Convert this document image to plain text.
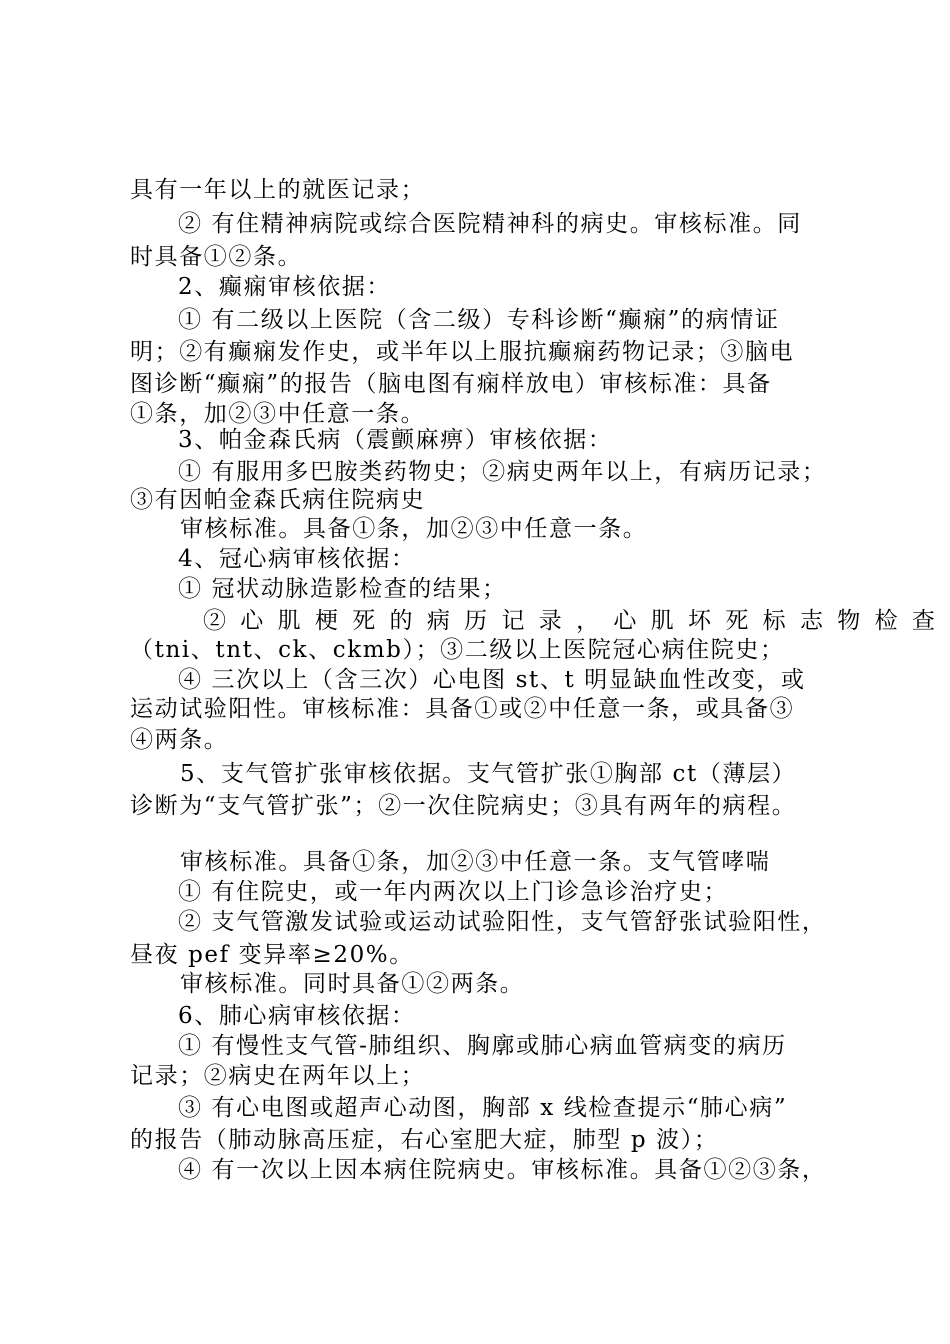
具有一年以上的就医记录；
② 有住精神病院或综合医院精神科的病史。审核标准。同
时具备①②条。
2、癫痫审核依据：
① 有二级以上医院（含二级）专科诊断“癫痫”的病情证
明；②有癫痫发作史，或半年以上服抗癫痫药物记录；③脑电
图诊断“癫痫”的报告（脑电图有痫样放电）审核标准：具备
①条，加②③中任意一条。
3、帕金森氏病（震颤麻痹）审核依据：
① 有服用多巴胺类药物史；②病史两年以上，有病历记录；
③有因帕金森氏病住院病史
审核标准。具备①条，加②③中任意一条。
4、冠心病审核依据：
① 冠状动脉造影检查的结果；
② 心 肌 梗 死 的 病 历 记 录 ， 心 肌 坏 死 标 志 物 检 查
（tni、tnt、ck、ckmb）；③二级以上医院冠心病住院史；
④ 三次以上（含三次）心电图 st、t 明显缺血性改变，或
运动试验阳性。审核标准：具备①或②中任意一条，或具备③
④两条。
5、支气管扩张审核依据。支气管扩张①胸部 ct（薄层）
诊断为“支气管扩张”；②一次住院病史；③具有两年的病程。
审核标准。具备①条，加②③中任意一条。支气管哮喘
① 有住院史，或一年内两次以上门诊急诊治疗史；
② 支气管激发试验或运动试验阳性，支气管舒张试验阳性，
昼夜 pef 变异率≥20%。
审核标准。同时具备①②两条。
6、肺心病审核依据：
① 有慢性支气管-肺组织、胸廓或肺心病血管病变的病历
记录；②病史在两年以上；
③ 有心电图或超声心动图，胸部 x 线检查提示“肺心病”
的报告（肺动脉高压症，右心室肥大症，肺型 p 波）；
④ 有一次以上因本病住院病史。审核标准。具备①②③条，
